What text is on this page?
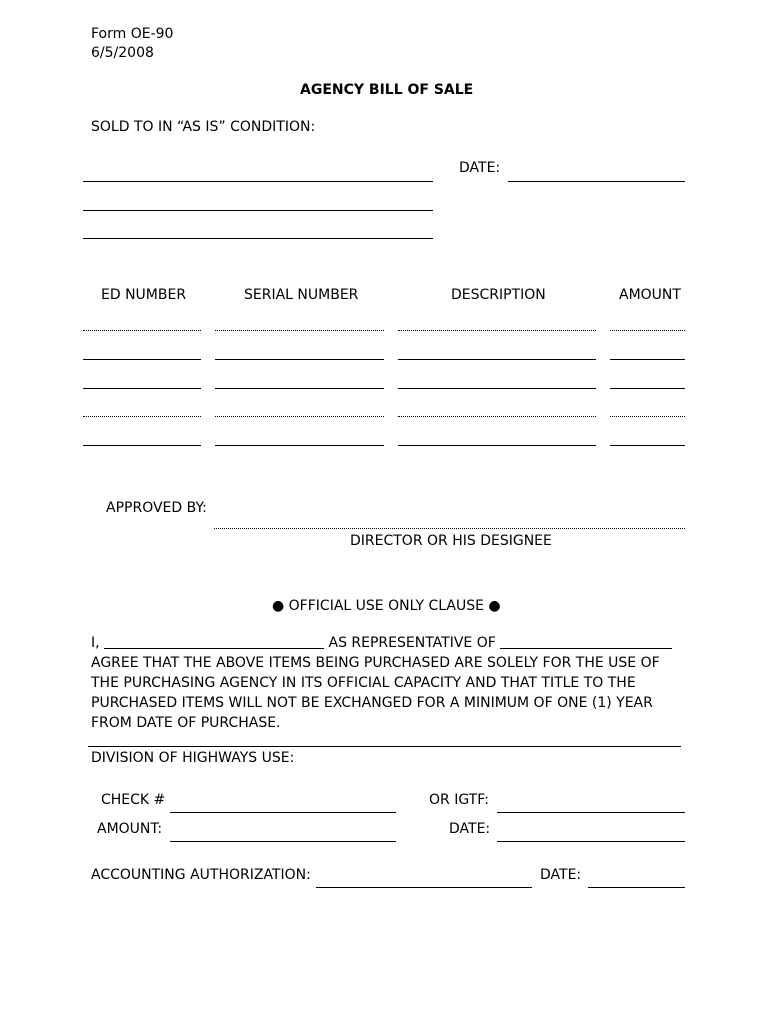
Form OE-90
6/5/2008
AGENCY BILL OF SALE
SOLD TO IN “AS IS” CONDITION:
DATE:
ED NUMBER	SERIAL NUMBER	DESCRIPTION	AMOUNT
APPROVED BY:
DIRECTOR OR HIS DESIGNEE
● OFFICIAL USE ONLY CLAUSE ●
I,	AS REPRESENTATIVE OF
AGREE THAT THE ABOVE ITEMS BEING PURCHASED ARE SOLELY FOR THE USE OF
THE PURCHASING AGENCY IN ITS OFFICIAL CAPACITY AND THAT TITLE TO THE
PURCHASED ITEMS WILL NOT BE EXCHANGED FOR A MINIMUM OF ONE (1) YEAR
FROM DATE OF PURCHASE.
DIVISION OF HIGHWAYS USE:
CHECK #	OR IGTF:
AMOUNT:	DATE:
ACCOUNTING AUTHORIZATION:	DATE:
